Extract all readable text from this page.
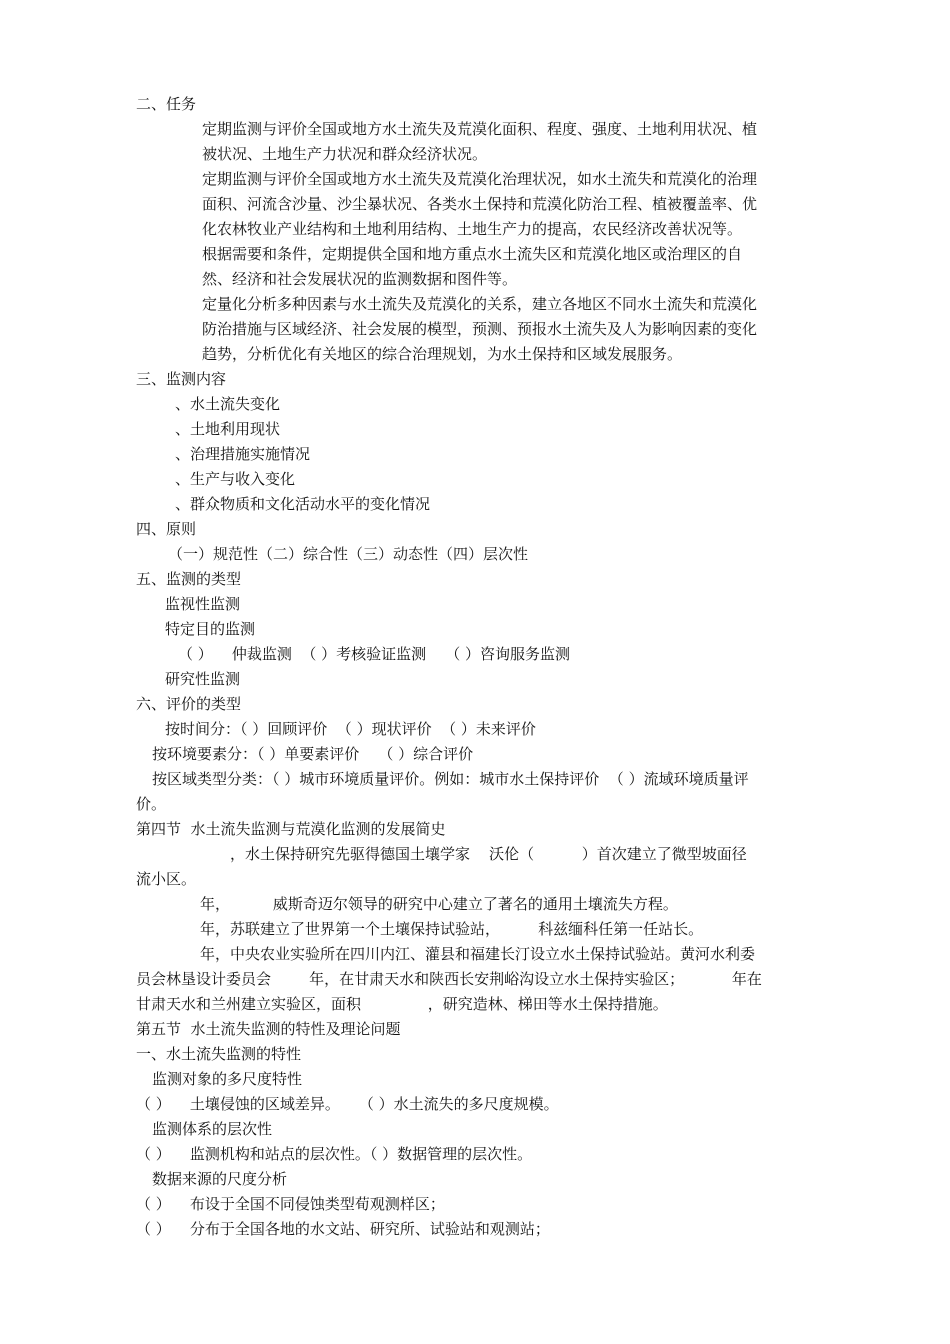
二、任务

定期监测与评价全国或地方水土流失及荒漠化面积、程度、强度、土地利用状况、植

被状况、土地生产力状况和群众经济状况。

定期监测与评价全国或地方水土流失及荒漠化治理状况，如水土流失和荒漠化的治理

面积、河流含沙量、沙尘暴状况、各类水土保持和荒漠化防治工程、植被覆盖率、优

化农林牧业产业结构和土地利用结构、土地生产力的提高，农民经济改善状况等。

根据需要和条件，定期提供全国和地方重点水土流失区和荒漠化地区或治理区的自

然、经济和社会发展状况的监测数据和图件等。

定量化分析多种因素与水土流失及荒漠化的关系，建立各地区不同水土流失和荒漠化

防治措施与区域经济、社会发展的模型，预测、预报水土流失及人为影响因素的变化

趋势，分析优化有关地区的综合治理规划，为水土保持和区域发展服务。

三、监测内容

、水土流失变化

、土地利用现状

、治理措施实施情况

、生产与收入变化

、群众物质和文化活动水平的变化情况

四、原则

（一）规范性（二）综合性（三）动态性（四）层次性

五、监测的类型

监视性监测

特定目的监测

（ ）    仲裁监测  （ ）考核验证监测    （ ）咨询服务监测

研究性监测

六、评价的类型

按时间分：（ ）回顾评价  （ ）现状评价  （ ）未来评价

按环境要素分：（ ）单要素评价    （ ）综合评价

按区域类型分类：（ ）城市环境质量评价。例如：城市水土保持评价  （ ）流域环境质量评

价。

第四节  水土流失监测与荒漠化监测的发展简史

，水土保持研究先驱得德国土壤学家    沃伦（          ）首次建立了微型坡面径

流小区。

年，         威斯奇迈尔领导的研究中心建立了著名的通用土壤流失方程。

年，苏联建立了世界第一个土壤保持试验站，        科兹缅科任第一任站长。

年，中央农业实验所在四川内江、灌县和福建长汀设立水土保持试验站。黄河水利委

员会林垦设计委员会        年，在甘肃天水和陕西长安荆峪沟设立水土保持实验区；          年在

甘肃天水和兰州建立实验区，面积              ，研究造林、梯田等水土保持措施。

第五节  水土流失监测的特性及理论问题

一、水土流失监测的特性

监测对象的多尺度特性

（ ）    土壤侵蚀的区域差异。    （ ）水土流失的多尺度规模。

监测体系的层次性

（ ）    监测机构和站点的层次性。（ ）数据管理的层次性。

数据来源的尺度分析

（ ）    布设于全国不同侵蚀类型荀观测样区；

（ ）    分布于全国各地的水文站、研究所、试验站和观测站；
